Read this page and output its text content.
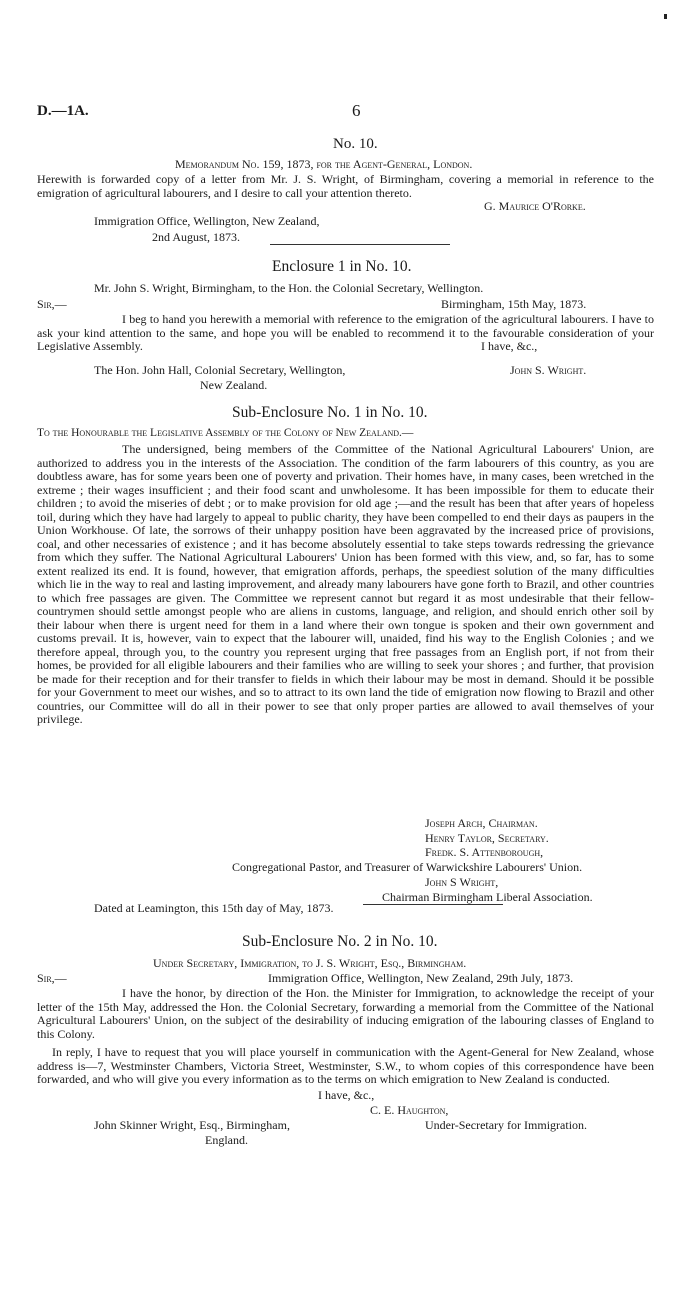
D.—1A.	6
No. 10.
Memorandum No. 159, 1873, for the Agent-General, London.

Herewith is forwarded copy of a letter from Mr. J. S. Wright, of Birmingham, covering a memorial in reference to the emigration of agricultural labourers, and I desire to call your attention thereto.

G. Maurice O'Rorke.
Immigration Office, Wellington, New Zealand,
2nd August, 1873.
Enclosure 1 in No. 10.
Mr. John S. Wright, Birmingham, to the Hon. the Colonial Secretary, Wellington.
Sir,—	Birmingham, 15th May, 1873.

I beg to hand you herewith a memorial with reference to the emigration of the agricultural labourers. I have to ask your kind attention to the same, and hope you will be enabled to recommend it to the favourable consideration of your Legislative Assembly.	I have, &c.,
The Hon. John Hall, Colonial Secretary, Wellington,	John S. Wright.
New Zealand.
Sub-Enclosure No. 1 in No. 10.
To the Honourable the Legislative Assembly of the Colony of New Zealand.—

The undersigned, being members of the Committee of the National Agricultural Labourers' Union, are authorized to address you in the interests of the Association. The condition of the farm labourers of this country, as you are doubtless aware, has for some years been one of poverty and privation. Their homes have, in many cases, been wretched in the extreme ; their wages insufficient ; and their food scant and unwholesome. It has been impossible for them to educate their children ; to avoid the miseries of debt ; or to make provision for old age ;—and the result has been that after years of hopeless toil, during which they have had largely to appeal to public charity, they have been compelled to end their days as paupers in the Union Workhouse. Of late, the sorrows of their unhappy position have been aggravated by the increased price of provisions, coal, and other necessaries of existence ; and it has become absolutely essential to take steps towards redressing the grievance from which they suffer. The National Agricultural Labourers' Union has been formed with this view, and, so far, has to some extent realized its end. It is found, however, that emigration affords, perhaps, the speediest solution of the many difficulties which lie in the way to real and lasting improvement, and already many labourers have gone forth to Brazil, and other countries to which free passages are given. The Committee we represent cannot but regard it as most undesirable that their fellow-countrymen should settle amongst people who are aliens in customs, language, and religion, and should enrich other soil by their labour when there is urgent need for them in a land where their own tongue is spoken and their own government and customs prevail. It is, however, vain to expect that the labourer will, unaided, find his way to the English Colonies ; and we therefore appeal, through you, to the country you represent urging that free passages from an English port, if not from their homes, be provided for all eligible labourers and their families who are willing to seek your shores ; and further, that provision be made for their reception and for their transfer to fields in which their labour may be most in demand. Should it be possible for your Government to meet our wishes, and so to attract to its own land the tide of emigration now flowing to Brazil and other countries, our Committee will do all in their power to see that only proper parties are allowed to avail themselves of your privilege.

Joseph Arch, Chairman.
Henry Taylor, Secretary.
Fredk. S. Attenborough,
Congregational Pastor, and Treasurer of Warwickshire Labourers' Union.
John S Wright,
Chairman Birmingham Liberal Association.
Dated at Leamington, this 15th day of May, 1873.
Sub-Enclosure No. 2 in No. 10.
Under Secretary, Immigration, to J. S. Wright, Esq., Birmingham.
Sir,—	Immigration Office, Wellington, New Zealand, 29th July, 1873.

I have the honor, by direction of the Hon. the Minister for Immigration, to acknowledge the receipt of your letter of the 15th May, addressed the Hon. the Colonial Secretary, forwarding a memorial from the Committee of the National Agricultural Labourers' Union, on the subject of the desirability of inducing emigration of the labouring classes of England to this Colony.

In reply, I have to request that you will place yourself in communication with the Agent-General for New Zealand, whose address is—7, Westminster Chambers, Victoria Street, Westminster, S.W., to whom copies of this correspondence have been forwarded, and who will give you every information as to the terms on which emigration to New Zealand is conducted.

I have, &c.,
C. E. Haughton,
John Skinner Wright, Esq., Birmingham,	Under-Secretary for Immigration.
England.
